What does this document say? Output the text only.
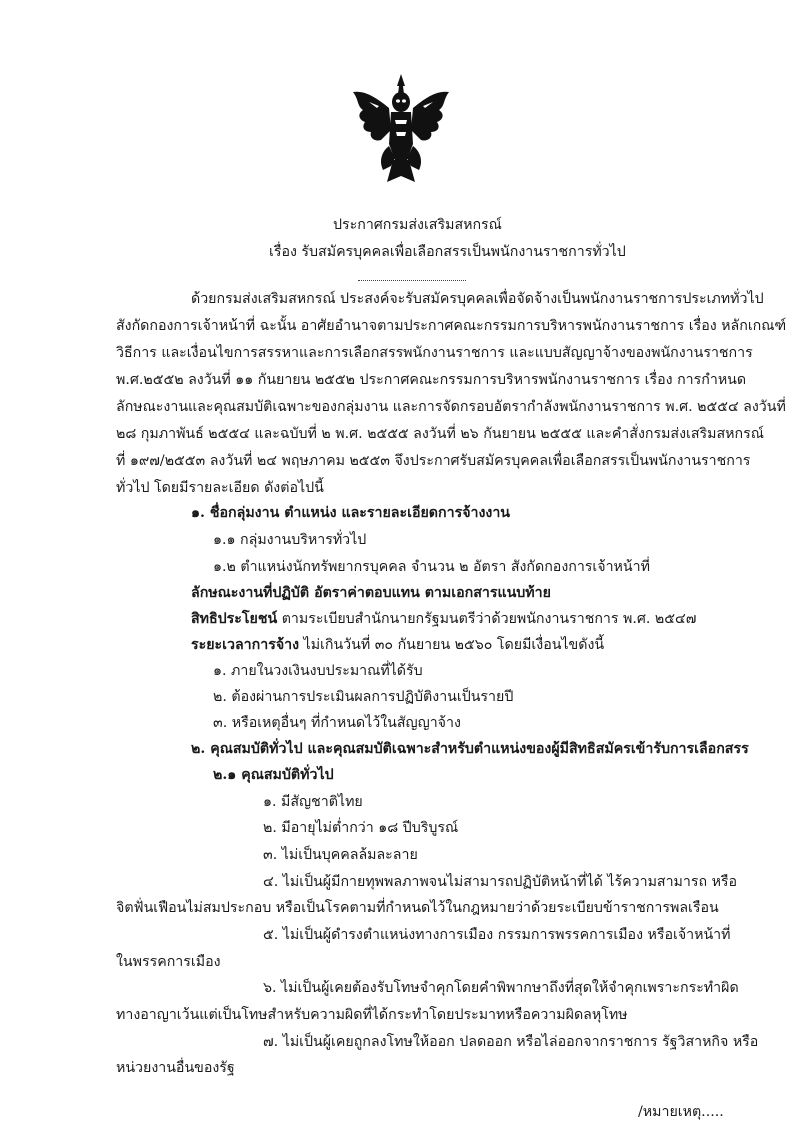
ประกาศกรมส่งเสริมสหกรณ์
เรื่อง รับสมัครบุคคลเพื่อเลือกสรรเป็นพนักงานราชการทั่วไป
ด้วยกรมส่งเสริมสหกรณ์ ประสงค์จะรับสมัครบุคคลเพื่อจัดจ้างเป็นพนักงานราชการประเภททั่วไป
สังกัดกองการเจ้าหน้าที่ ฉะนั้น อาศัยอำนาจตามประกาศคณะกรรมการบริหารพนักงานราชการ เรื่อง หลักเกณฑ์
วิธีการ และเงื่อนไขการสรรหาและการเลือกสรรพนักงานราชการ และแบบสัญญาจ้างของพนักงานราชการ
พ.ศ.๒๕๕๒ ลงวันที่ ๑๑ กันยายน ๒๕๕๒ ประกาศคณะกรรมการบริหารพนักงานราชการ เรื่อง การกำหนด
ลักษณะงานและคุณสมบัติเฉพาะของกลุ่มงาน และการจัดกรอบอัตรากำลังพนักงานราชการ พ.ศ. ๒๕๕๔ ลงวันที่
๒๘ กุมภาพันธ์ ๒๕๕๔ และฉบับที่ ๒ พ.ศ. ๒๕๕๕ ลงวันที่ ๒๖ กันยายน ๒๕๕๕ และคำสั่งกรมส่งเสริมสหกรณ์
ที่ ๑๙๗/๒๕๕๓ ลงวันที่ ๒๔ พฤษภาคม ๒๕๕๓ จึงประกาศรับสมัครบุคคลเพื่อเลือกสรรเป็นพนักงานราชการ
ทั่วไป โดยมีรายละเอียด ดังต่อไปนี้
๑. ชื่อกลุ่มงาน ตำแหน่ง และรายละเอียดการจ้างงาน
๑.๑ กลุ่มงานบริหารทั่วไป
๑.๒ ตำแหน่งนักทรัพยากรบุคคล จำนวน ๒ อัตรา สังกัดกองการเจ้าหน้าที่
ลักษณะงานที่ปฏิบัติ อัตราค่าตอบแทน ตามเอกสารแนบท้าย
สิทธิประโยชน์ ตามระเบียบสำนักนายกรัฐมนตรีว่าด้วยพนักงานราชการ พ.ศ. ๒๕๔๗
ระยะเวลาการจ้าง ไม่เกินวันที่ ๓๐ กันยายน ๒๕๖๐ โดยมีเงื่อนไขดังนี้
๑. ภายในวงเงินงบประมาณที่ได้รับ
๒. ต้องผ่านการประเมินผลการปฏิบัติงานเป็นรายปี
๓. หรือเหตุอื่นๆ ที่กำหนดไว้ในสัญญาจ้าง
๒. คุณสมบัติทั่วไป และคุณสมบัติเฉพาะสำหรับตำแหน่งของผู้มีสิทธิสมัครเข้ารับการเลือกสรร
๒.๑ คุณสมบัติทั่วไป
๑. มีสัญชาติไทย
๒. มีอายุไม่ต่ำกว่า ๑๘ ปีบริบูรณ์
๓. ไม่เป็นบุคคลล้มละลาย
๔. ไม่เป็นผู้มีกายทุพพลภาพจนไม่สามารถปฏิบัติหน้าที่ได้ ไร้ความสามารถ หรือ
จิตฟั่นเฟือนไม่สมประกอบ หรือเป็นโรคตามที่กำหนดไว้ในกฎหมายว่าด้วยระเบียบข้าราชการพลเรือน
๕. ไม่เป็นผู้ดำรงตำแหน่งทางการเมือง กรรมการพรรคการเมือง หรือเจ้าหน้าที่
ในพรรคการเมือง
๖. ไม่เป็นผู้เคยต้องรับโทษจำคุกโดยคำพิพากษาถึงที่สุดให้จำคุกเพราะกระทำผิด
ทางอาญาเว้นแต่เป็นโทษสำหรับความผิดที่ได้กระทำโดยประมาทหรือความผิดลหุโทษ
๗. ไม่เป็นผู้เคยถูกลงโทษให้ออก ปลดออก หรือไล่ออกจากราชการ รัฐวิสาหกิจ หรือ
หน่วยงานอื่นของรัฐ
/หมายเหตุ.....
